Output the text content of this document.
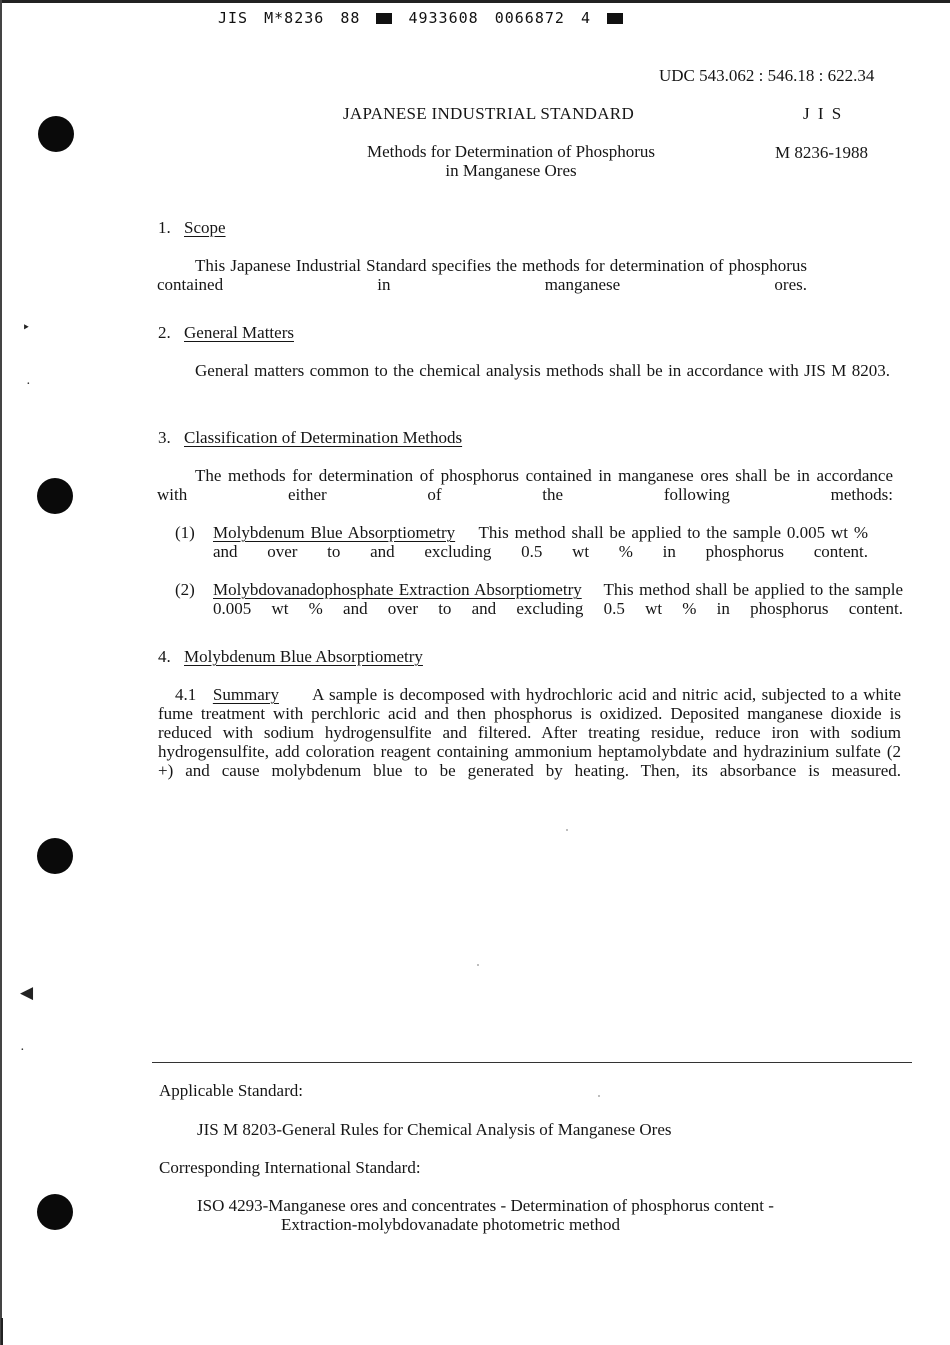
‣
·
◀
·
JIS M*8236 88	4933608 0066872 4
UDC 543.062 : 546.18 : 622.34
JAPANESE INDUSTRIAL STANDARD	J I S
Methods for Determination of Phosphorus
in Manganese Ores
M 8236-1988
1. Scope
This Japanese Industrial Standard specifies the methods for determination of phosphorus contained in manganese ores.
2. General Matters
General matters common to the chemical analysis methods shall be in accordance with JIS M 8203.
3. Classification of Determination Methods
The methods for determination of phosphorus contained in manganese ores shall be in accordance with either of the following methods:
(1) Molybdenum Blue Absorptiometry This method shall be applied to the sample 0.005 wt % and over to and excluding 0.5 wt % in phosphorus content.
(2) Molybdovanadophosphate Extraction Absorptiometry This method shall be applied to the sample 0.005 wt % and over to and excluding 0.5 wt % in phosphorus content.
4. Molybdenum Blue Absorptiometry
4.1 Summary A sample is decomposed with hydrochloric acid and nitric acid, subjected to a white fume treatment with perchloric acid and then phosphorus is oxidized. Deposited manganese dioxide is reduced with sodium hydrogensulfite and filtered. After treating residue, reduce iron with sodium hydrogensulfite, add coloration reagent containing ammonium heptamolybdate and hydrazinium sulfate (2 +) and cause molybdenum blue to be generated by heating. Then, its absorbance is measured.
Applicable Standard:
JIS M 8203-General Rules for Chemical Analysis of Manganese Ores
Corresponding International Standard:
ISO 4293-Manganese ores and concentrates - Determination of phosphorus content -
Extraction-molybdovanadate photometric method
